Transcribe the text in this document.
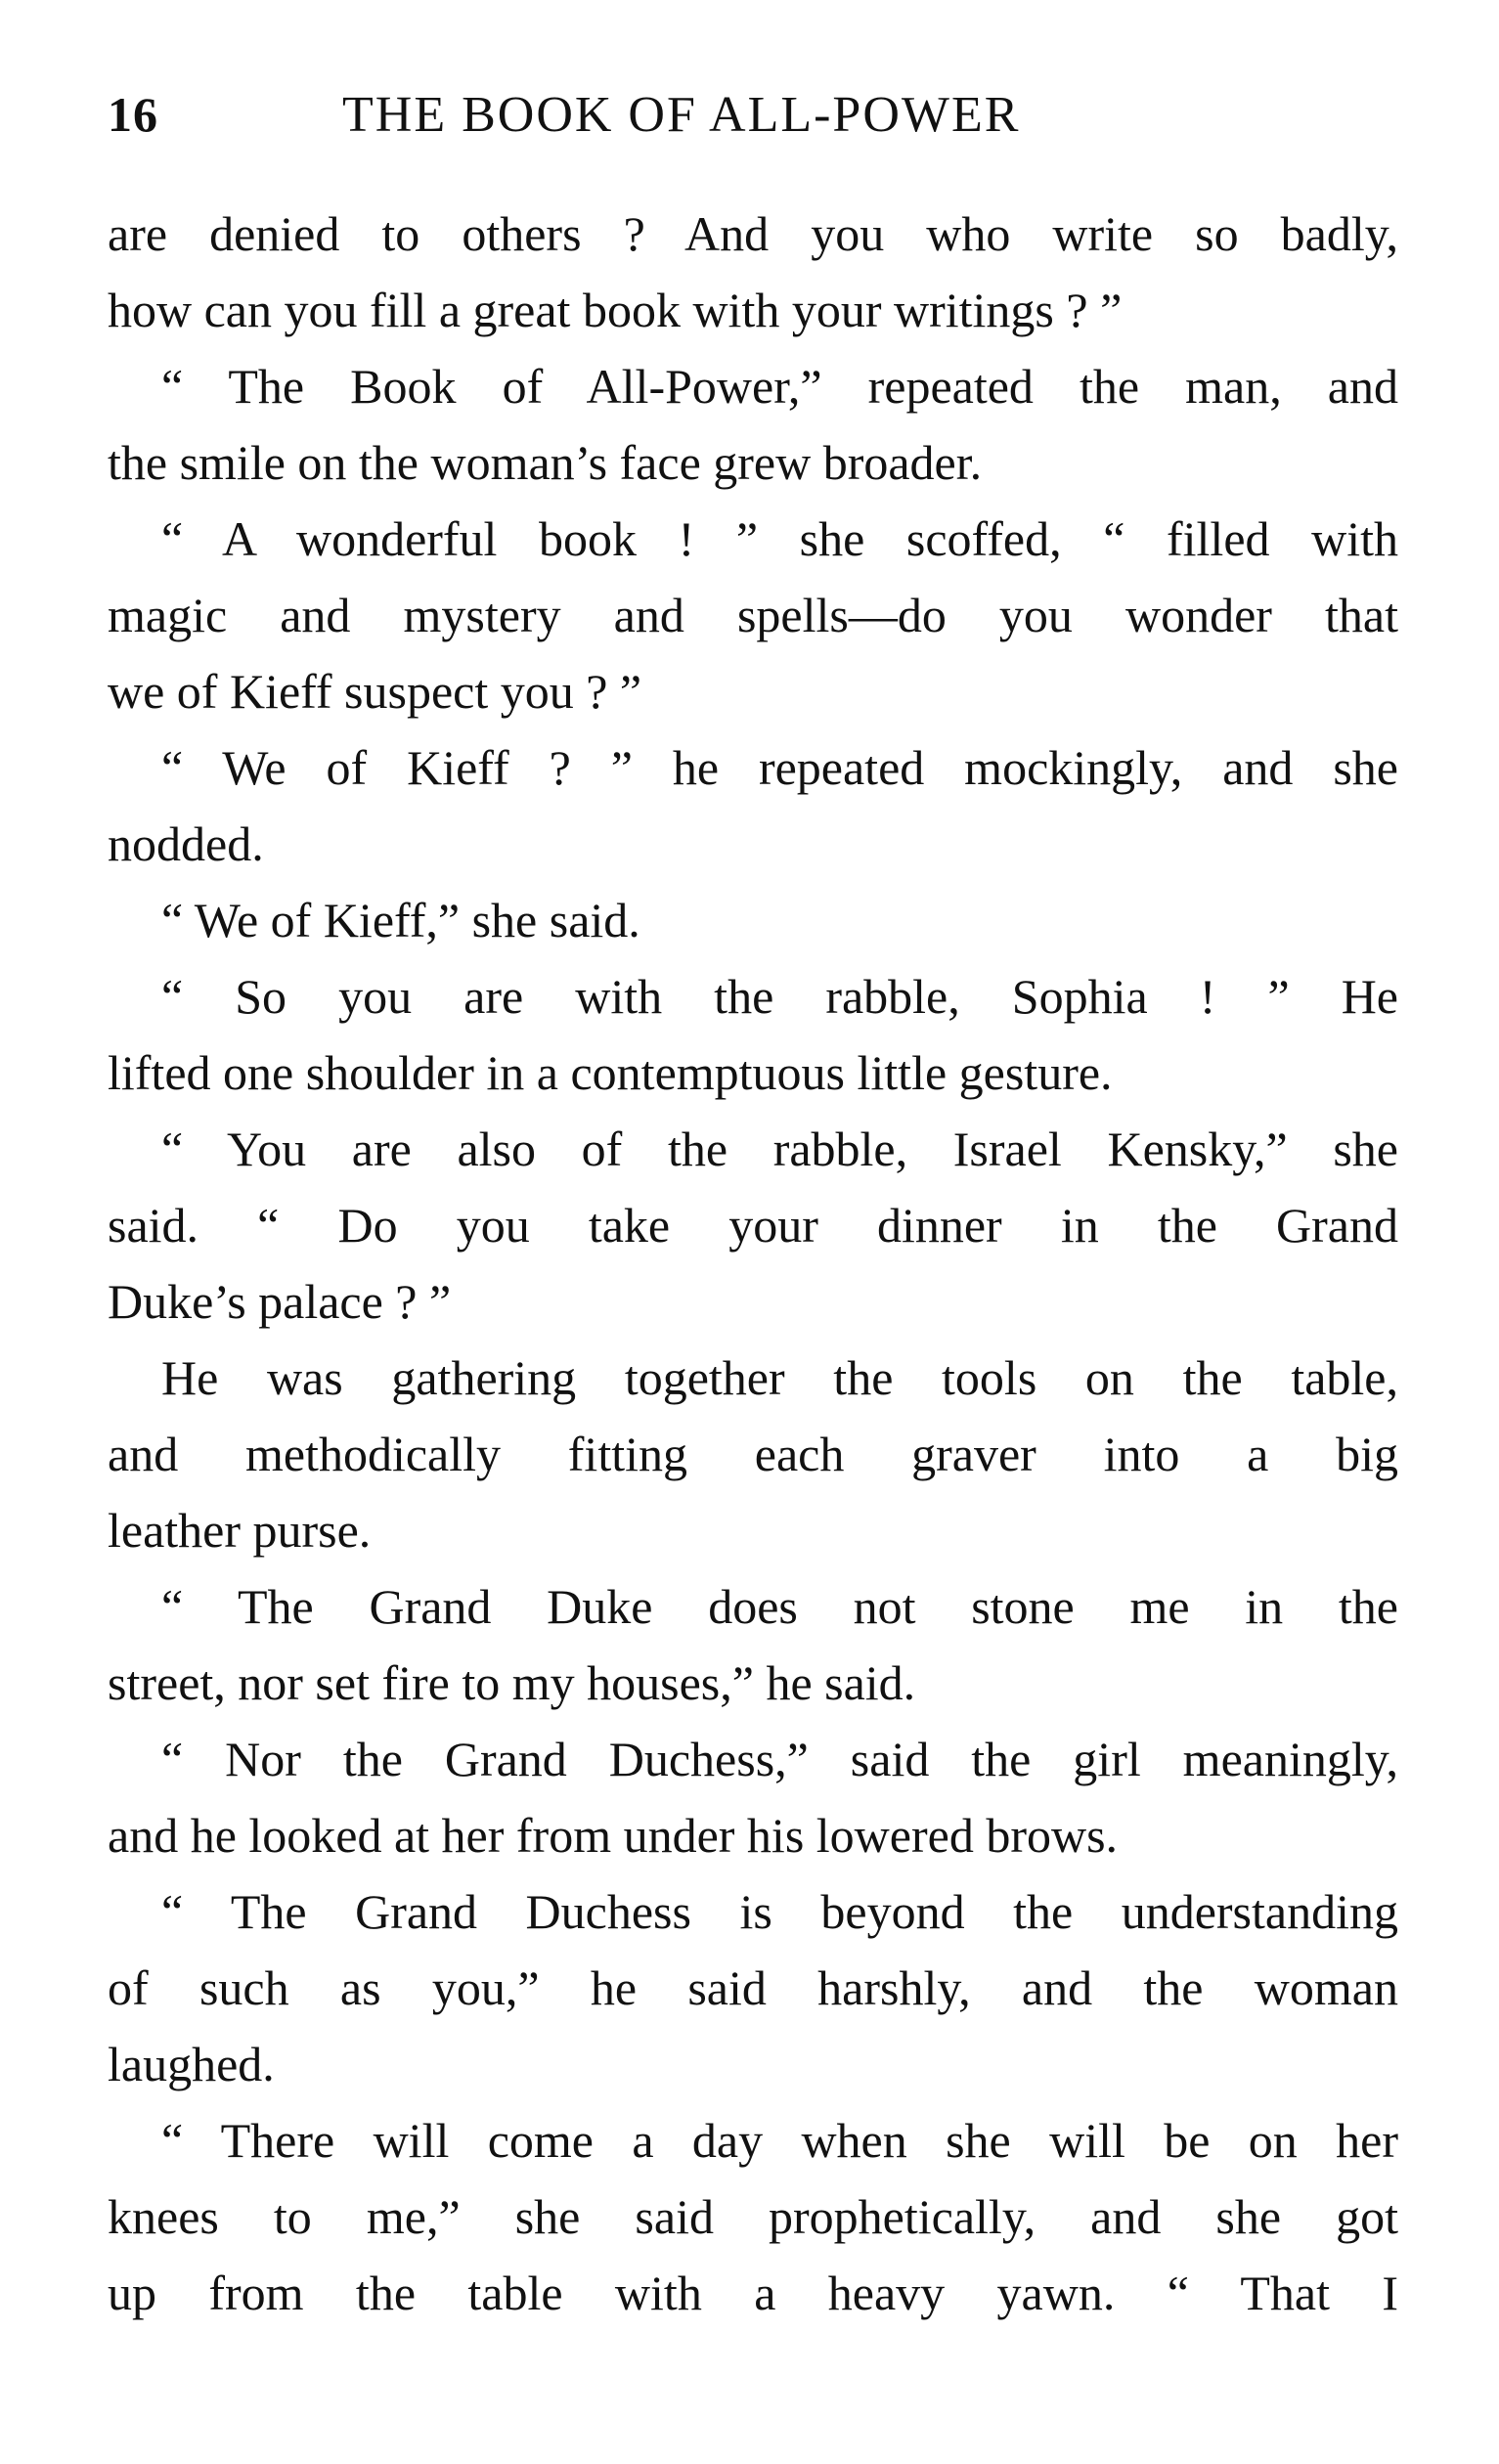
16	THE BOOK OF ALL-POWER
are denied to others ? And you who write so badly,
how can you fill a great book with your writings ? ”
“ The Book of All-Power,” repeated the man, and
the smile on the woman’s face grew broader.
“ A wonderful book ! ” she scoffed, “ filled with
magic and mystery and spells—do you wonder that
we of Kieff suspect you ? ”
“ We of Kieff ? ” he repeated mockingly, and she
nodded.
“ We of Kieff,” she said.
“ So you are with the rabble, Sophia ! ” He
lifted one shoulder in a contemptuous little gesture.
“ You are also of the rabble, Israel Kensky,” she
said. “ Do you take your dinner in the Grand
Duke’s palace ? ”
He was gathering together the tools on the table,
and methodically fitting each graver into a big
leather purse.
“ The Grand Duke does not stone me in the
street, nor set fire to my houses,” he said.
“ Nor the Grand Duchess,” said the girl meaningly,
and he looked at her from under his lowered brows.
“ The Grand Duchess is beyond the understanding
of such as you,” he said harshly, and the woman
laughed.
“ There will come a day when she will be on her
knees to me,” she said prophetically, and she got
up from the table with a heavy yawn. “ That I
